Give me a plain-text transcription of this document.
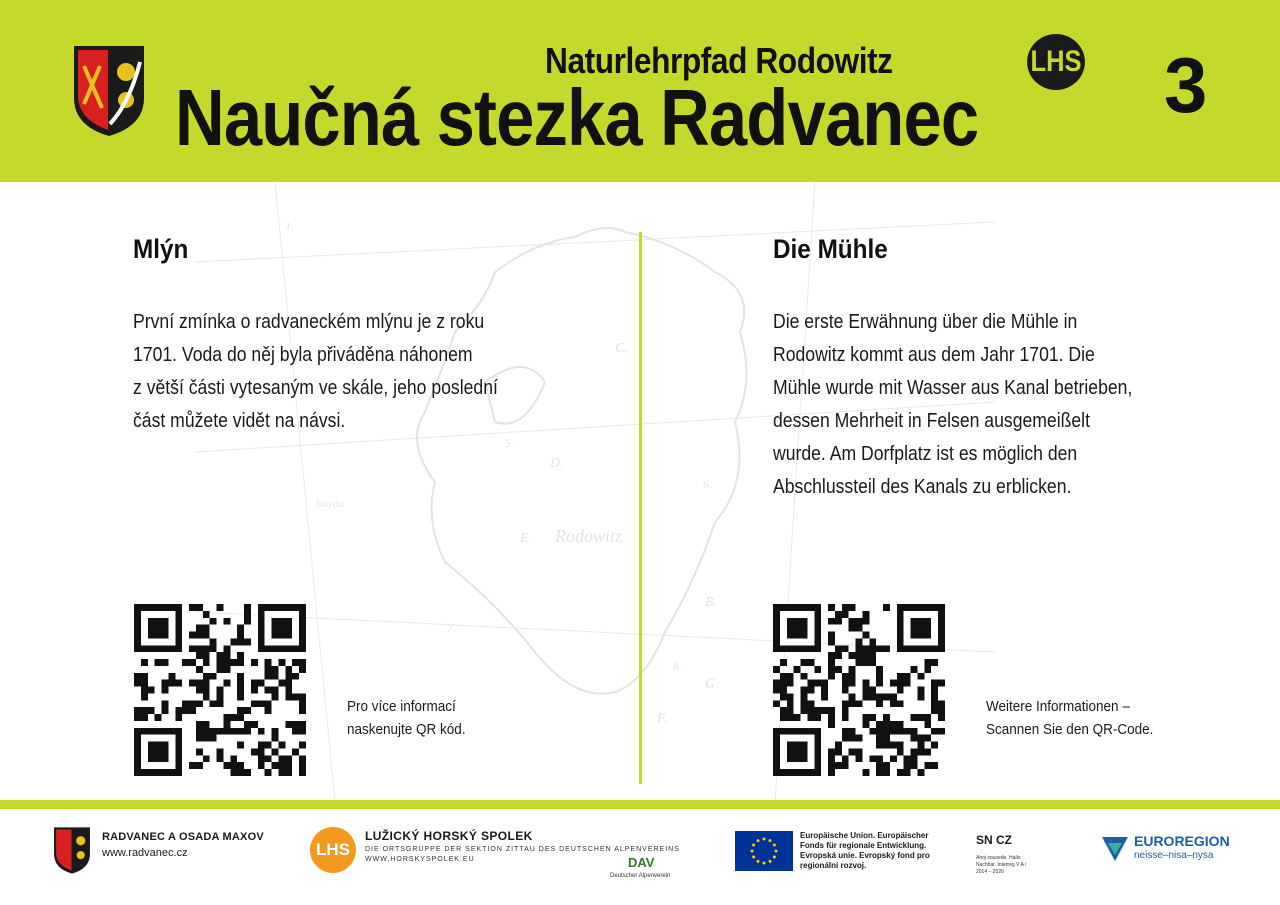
Naturlehrpfad Rodowitz
Naučná stezka Radvanec
LHS 3
Rodowitz
Nayda
C.
D.
E.
F.
G.
B.
1.
5.
6.
7.
8.
Mlýn
První zmínka o radvaneckém mlýnu je z roku
1701. Voda do něj byla přiváděna náhonem
z větší části vytesaným ve skále, jeho poslední
část můžete vidět na návsi.
Pro více informací
naskenujte QR kód.
Die Mühle
Die erste Erwähnung über die Mühle in
Rodowitz kommt aus dem Jahr 1701. Die
Mühle wurde mit Wasser aus Kanal betrieben,
dessen Mehrheit in Felsen ausgemeißelt
wurde. Am Dorfplatz ist es möglich den
Abschlussteil des Kanals zu erblicken.
Weitere Informationen –
Scannen Sie den QR-Code.
RADVANEC A OSADA MAXOV
www.radvanec.cz	LHS
LUŽICKÝ HORSKÝ SPOLEK
DIE ORTSGRUPPE DER SEKTION ZITTAU DES DEUTSCHEN ALPENVEREINS
WWW.HORSKYSPOLEK.EU	DAV
Deutscher Alpenverein
Europäische Union. Europäischer
Fonds für regionale Entwicklung.
Evropská unie. Evropský fond pro
regionální rozvoj.
SN CZ
Ahoj sousede. Hallo Nachbar. Interreg V A / 2014 – 2020
EUROREGION
neisse–nisa–nysa
